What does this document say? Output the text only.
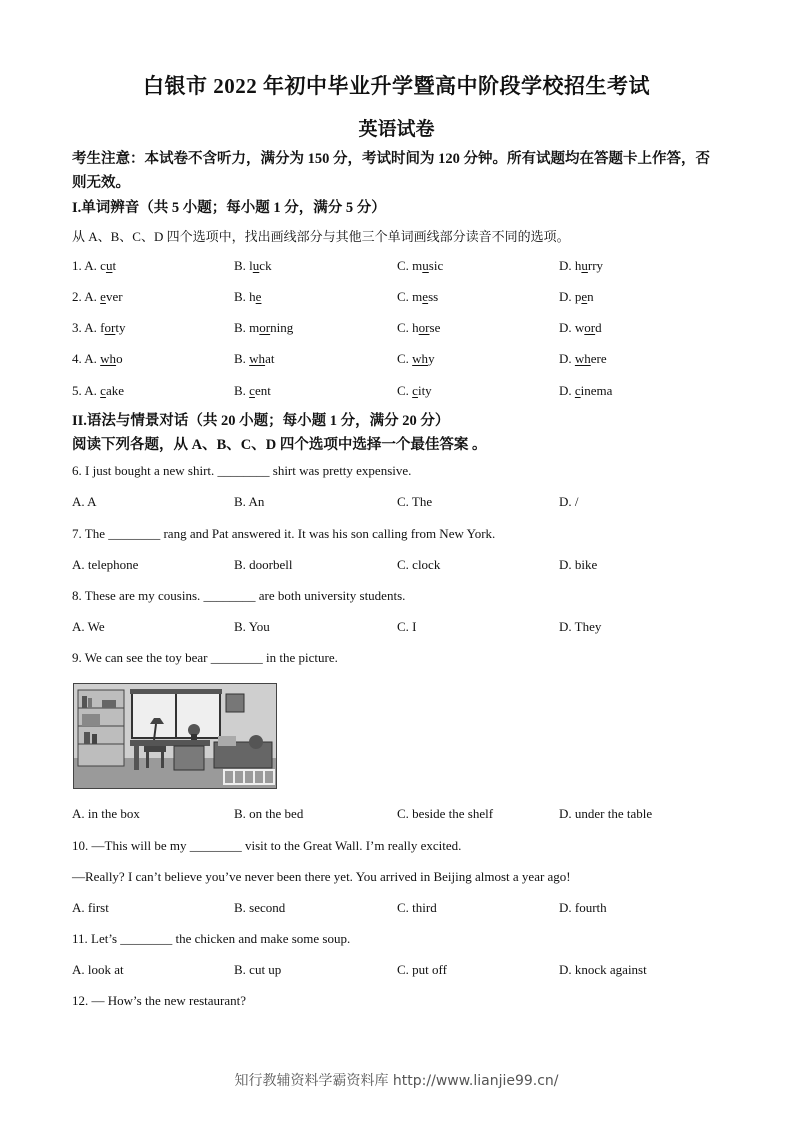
白银市 2022 年初中毕业升学暨高中阶段学校招生考试
英语试卷
考生注意：本试卷不含听力，满分为 150 分，考试时间为 120 分钟。所有试题均在答题卡上作答，否则无效。
I.单词辨音（共 5 小题；每小题 1 分，满分 5 分）
从 A、B、C、D 四个选项中，找出画线部分与其他三个单词画线部分读音不同的选项。
1. A. cut	B. luck	C. music	D. hurry
2. A. ever	B. he	C. mess	D. pen
3. A. forty	B. morning	C. horse	D. word
4. A. who	B. what	C. why	D. where
5. A. cake	B. cent	C. city	D. cinema
II.语法与情景对话（共 20 小题；每小题 1 分，满分 20 分）
阅读下列各题，从 A、B、C、D 四个选项中选择一个最佳答案 。
6. I just bought a new shirt. ________ shirt was pretty expensive.
A. A	B. An	C. The	D. /
7. The ________ rang and Pat answered it. It was his son calling from New York.
A. telephone	B. doorbell	C. clock	D. bike
8. These are my cousins. ________ are both university students.
A. We	B. You	C. I	D. They
9. We can see the toy bear ________ in the picture.
A. in the box	B. on the bed	C. beside the shelf	D. under the table
10. —This will be my ________ visit to the Great Wall. I’m really excited.
—Really? I can’t believe you’ve never been there yet. You arrived in Beijing almost a year ago!
A. first	B. second	C. third	D. fourth
11. Let’s ________ the chicken and make some soup.
A. look at	B. cut up	C. put off	D. knock against
12. — How’s the new restaurant?
知行教辅资料学霸资料库 http://www.lianjie99.cn/
